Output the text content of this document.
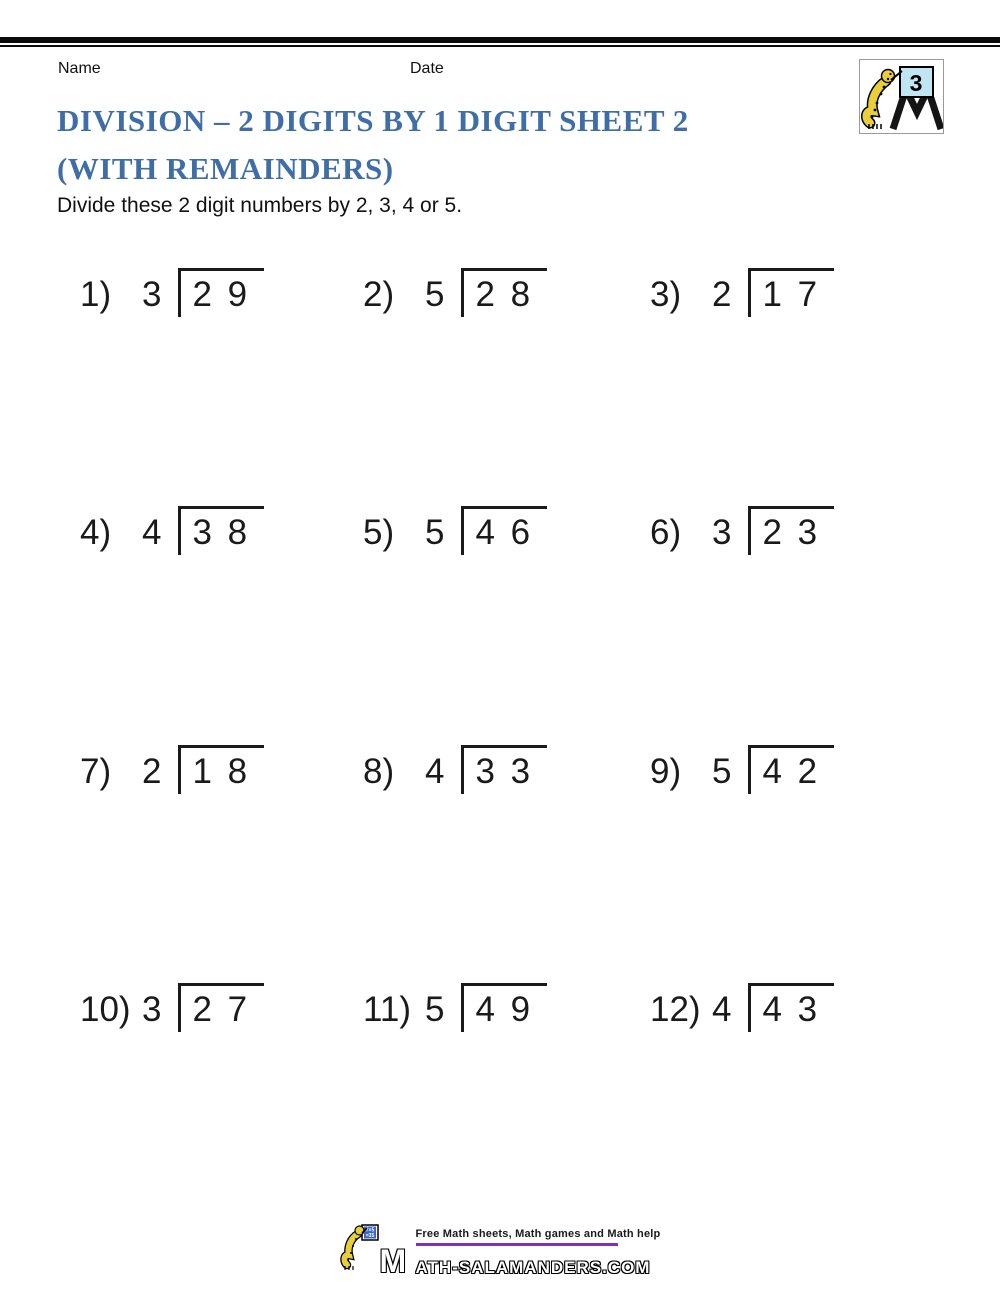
Name	Date
3
DIVISION – 2 DIGITS BY 1 DIGIT SHEET 2
(WITH REMAINDERS)

Divide these 2 digit numbers by 2, 3, 4 or 5.

1) 3 2 9	2) 5 2 8	3) 2 1 7
4) 4 3 8	5) 5 4 6	6) 3 2 3
7) 2 1 8	8) 4 3 3	9) 5 4 2
10) 3 2 7	11) 5 4 9	12) 4 4 3
7×5
=35	Free Math sheets, Math games and Math help
M ATH-SALAMANDERS.COM
